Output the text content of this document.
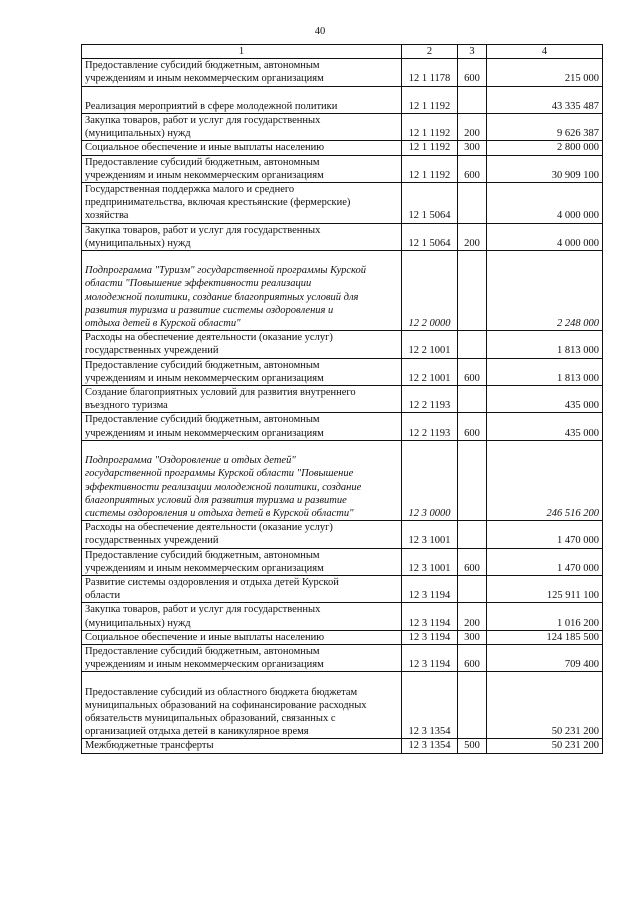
40
1	2	3	4

Предоставление субсидий бюджетным, автономным
учреждениям и иным некоммерческим организациям	12 1 1178	600	215 000

Реализация мероприятий в сфере молодежной политики	12 1 1192		43 335 487

Закупка товаров, работ и услуг для государственных
(муниципальных) нужд	12 1 1192	200	9 626 387

Социальное обеспечение и иные выплаты населению	12 1 1192	300	2 800 000

Предоставление субсидий бюджетным, автономным
учреждениям и иным некоммерческим организациям	12 1 1192	600	30 909 100

Государственная поддержка малого и среднего
предпринимательства, включая крестьянские (фермерские)
хозяйства	12 1 5064		4 000 000

Закупка товаров, работ и услуг для государственных
(муниципальных) нужд	12 1 5064	200	4 000 000

Подпрограмма "Туризм" государственной программы Курской
области "Повышение эффективности реализации
молодежной политики, создание благоприятных условий для
развития туризма и развитие системы оздоровления и
отдыха детей в Курской области"	12 2 0000		2 248 000

Расходы на обеспечение деятельности (оказание услуг)
государственных учреждений	12 2 1001		1 813 000

Предоставление субсидий бюджетным, автономным
учреждениям и иным некоммерческим организациям	12 2 1001	600	1 813 000

Создание благоприятных условий для развития внутреннего
въездного туризма	12 2 1193		435 000

Предоставление субсидий бюджетным, автономным
учреждениям и иным некоммерческим организациям	12 2 1193	600	435 000

Подпрограмма "Оздоровление и отдых детей"
государственной программы Курской области "Повышение
эффективности реализации молодежной политики, создание
благоприятных условий для развития туризма и развитие
системы оздоровления и отдыха детей в Курской области"	12 3 0000		246 516 200

Расходы на обеспечение деятельности (оказание услуг)
государственных учреждений	12 3 1001		1 470 000

Предоставление субсидий бюджетным, автономным
учреждениям и иным некоммерческим организациям	12 3 1001	600	1 470 000

Развитие системы оздоровления и отдыха детей Курской
области	12 3 1194		125 911 100

Закупка товаров, работ и услуг для государственных
(муниципальных) нужд	12 3 1194	200	1 016 200

Социальное обеспечение и иные выплаты населению	12 3 1194	300	124 185 500

Предоставление субсидий бюджетным, автономным
учреждениям и иным некоммерческим организациям	12 3 1194	600	709 400

Предоставление субсидий из областного бюджета бюджетам
муниципальных образований на софинансирование расходных
обязательств муниципальных образований, связанных с
организацией отдыха детей в каникулярное время	12 3 1354		50 231 200

Межбюджетные трансферты	12 3 1354	500	50 231 200
